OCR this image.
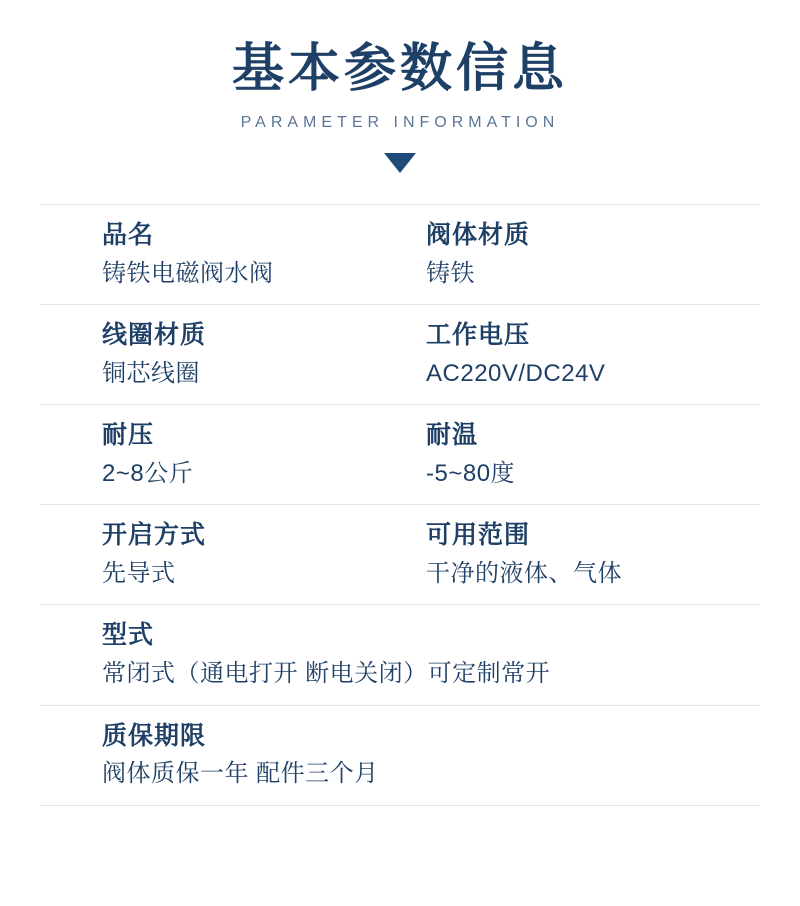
基本参数信息
PARAMETER INFORMATION
品名
铸铁电磁阀水阀
阀体材质
铸铁
线圈材质
铜芯线圈
工作电压
AC220V/DC24V
耐压
2~8公斤
耐温
-5~80度
开启方式
先导式
可用范围
干净的液体、气体
型式
常闭式（通电打开 断电关闭）可定制常开
质保期限
阀体质保一年 配件三个月
